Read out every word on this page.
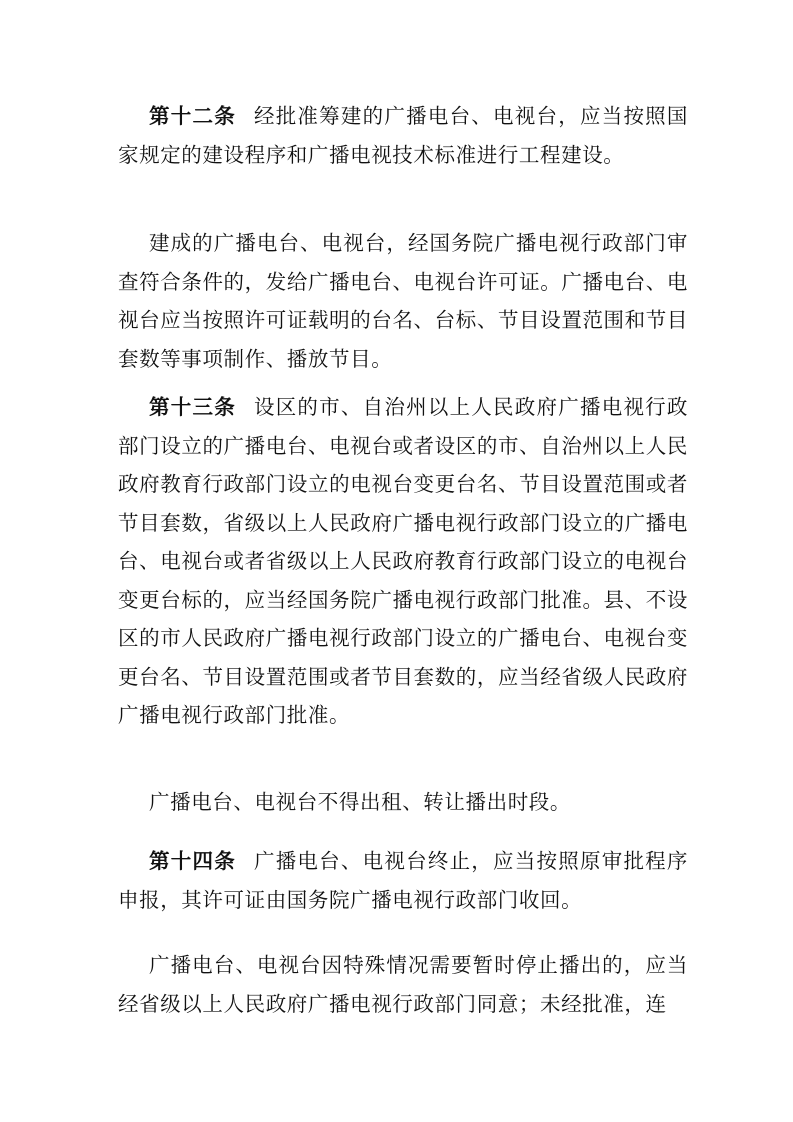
第十二条 经批准筹建的广播电台、电视台，应当按照国家规定的建设程序和广播电视技术标准进行工程建设。

建成的广播电台、电视台，经国务院广播电视行政部门审查符合条件的，发给广播电台、电视台许可证。广播电台、电视台应当按照许可证载明的台名、台标、节目设置范围和节目套数等事项制作、播放节目。

第十三条 设区的市、自治州以上人民政府广播电视行政部门设立的广播电台、电视台或者设区的市、自治州以上人民政府教育行政部门设立的电视台变更台名、节目设置范围或者节目套数，省级以上人民政府广播电视行政部门设立的广播电台、电视台或者省级以上人民政府教育行政部门设立的电视台变更台标的，应当经国务院广播电视行政部门批准。县、不设区的市人民政府广播电视行政部门设立的广播电台、电视台变更台名、节目设置范围或者节目套数的，应当经省级人民政府广播电视行政部门批准。

广播电台、电视台不得出租、转让播出时段。

第十四条 广播电台、电视台终止，应当按照原审批程序申报，其许可证由国务院广播电视行政部门收回。

广播电台、电视台因特殊情况需要暂时停止播出的，应当经省级以上人民政府广播电视行政部门同意；未经批准，连
